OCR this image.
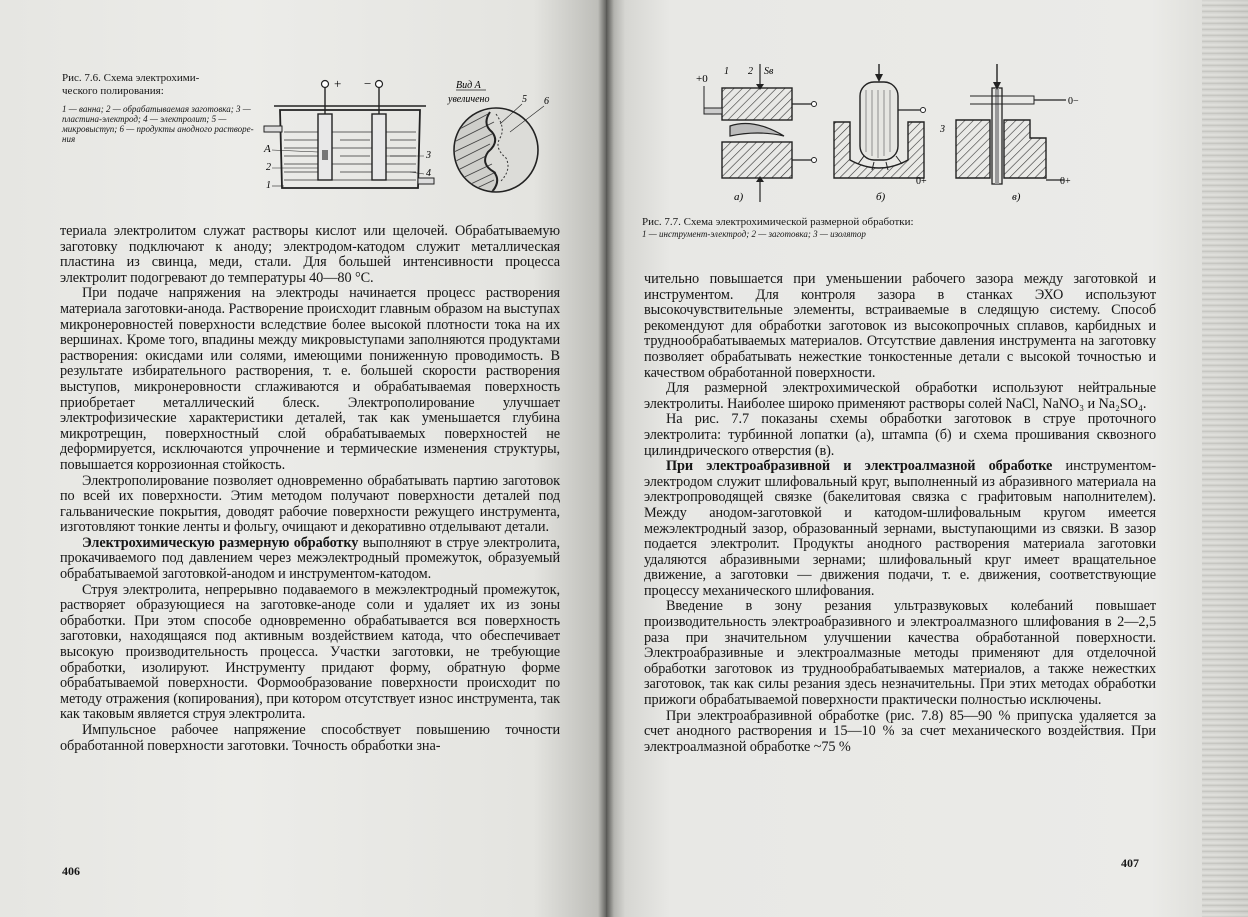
Рис. 7.6. Схема электрохими-
ческого полирования:
1 — ванна; 2 — обрабатываемая заготовка; 3 — пластина-электрод; 4 — электролит; 5 — микровыступ; 6 — продукты анодного растворе-ния
+ −
A
2
1
3
4
Вид А
увеличено	5 6

териала электролитом служат растворы кислот или щелочей. Обрабатываемую заготовку подключают к аноду; электродом-катодом служит металлическая пластина из свинца, меди, стали. Для большей интенсивности процесса электролит подогревают до температуры 40—80 °С.

При подаче напряжения на электроды начинается процесс растворения материала заготовки-анода. Растворение происходит главным образом на выступах микронеровностей поверхности вследствие более высокой плотности тока на их вершинах. Кроме того, впадины между микровыступами заполняются продуктами растворения: окисдами или солями, имеющими пониженную проводимость. В результате избирательного растворения, т. е. большей скорости растворения выступов, микронеровности сглаживаются и обрабатываемая поверхность приобретает металлический блеск. Электрополирование улучшает электрофизические характеристики деталей, так как уменьшается глубина микротрещин, поверхностный слой обрабатываемых поверхностей не деформируется, исключаются упрочнение и термические изменения структуры, повышается коррозионная стойкость.

Электрополирование позволяет одновременно обрабатывать партию заготовок по всей их поверхности. Этим методом получают поверхности деталей под гальванические покрытия, доводят рабочие поверхности режущего инструмента, изготовляют тонкие ленты и фольгу, очищают и декоративно отделывают детали.

Электрохимическую размерную обработку выполняют в струе электролита, прокачиваемого под давлением через межэлектродный промежуток, образуемый обрабатываемой заготовкой-анодом и инструментом-катодом.

Струя электролита, непрерывно подаваемого в межэлектродный промежуток, растворяет образующиеся на заготовке-аноде соли и удаляет их из зоны обработки. При этом способе одновременно обрабатывается вся поверхность заготовки, находящаяся под активным воздействием катода, что обеспечивает высокую производительность процесса. Участки заготовки, не требующие обработки, изолируют. Инструменту придают форму, обратную форме обрабатываемой поверхности. Формообразование поверхности происходит по методу отражения (копирования), при котором отсутствует износ инструмента, так как таковым является струя электролита.

Импульсное рабочее напряжение способствует повышению точности обработанной поверхности заготовки. Точность обработки зна-

406

чительно повышается при уменьшении рабочего зазора между заготовкой и инструментом. Для контроля зазора в станках ЭХО используют высокочувствительные элементы, встраиваемые в следящую систему. Способ рекомендуют для обработки заготовок из высокопрочных сплавов, карбидных и труднообрабатываемых материалов. Отсутствие давления инструмента на заготовку позволяет обрабатывать нежесткие тонкостенные детали с высокой точностью и качеством обработанной поверхности.

Для размерной электрохимической обработки используют нейтральные электролиты. Наиболее широко применяют растворы солей NaCl, NaNO₃ и Na₂SO₄.

На рис. 7.7 показаны схемы обработки заготовок в струе проточного электролита: турбинной лопатки (а), штампа (б) и схема прошивания сквозного цилиндрического отверстия (в).

При электроабразивной и электроалмазной обработке инструментом-электродом служит шлифовальный круг, выполненный из абразивного материала на электропроводящей связке (бакелитовая связка с графитовым наполнителем). Между анодом-заготовкой и катодом-шлифовальным кругом имеется межэлектродный зазор, образованный зернами, выступающими из связки. В зазор подается электролит. Продукты анодного растворения материала заготовки удаляются абразивными зернами; шлифовальный круг имеет вращательное движение, а заготовки — движения подачи, т. е. движения, соответствующие процессу механического шлифования.

Введение в зону резания ультразвуковых колебаний повышает производительность электроабразивного и электроалмазного шлифования в 2—2,5 раза при значительном улучшении качества обработанной поверхности. Электроабразивные и электроалмазные методы применяют для отделочной обработки заготовок из труднообрабатываемых материалов, а также нежестких заготовок, так как силы резания здесь незначительны. При этих методах обработки прижоги обрабатываемой поверхности практически полностью исключены.

При электроабразивной обработке (рис. 7.8) 85—90 % припуска удаляется за счет анодного растворения и 15—10 % за счет механического воздействия. При электроалмазной обработке ~75 %

407
+0
1 2 Sв
а)
0+
б)
0−
0+
3
в)
Рис. 7.7. Схема электрохимической размерной обработки:
1 — инструмент-электрод; 2 — заготовка; 3 — изолятор
